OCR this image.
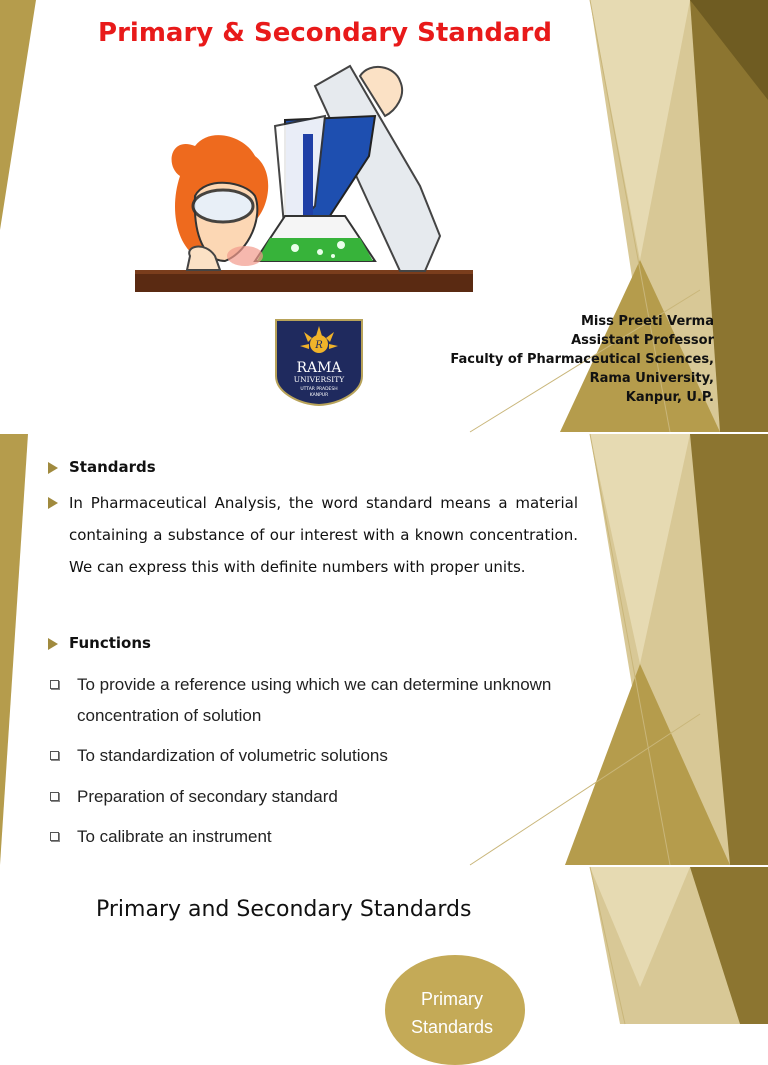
Primary & Secondary Standard
R
RAMA
UNIVERSITY
UTTAR PRADESH
KANPUR
Miss Preeti Verma
Assistant Professor
Faculty of Pharmaceutical Sciences,
Rama University,
Kanpur, U.P.
Standards
In Pharmaceutical Analysis, the word standard means a material containing a substance of our interest with a known concentration. We can express this with definite numbers with proper units.
Functions
To provide a reference using which we can determine unknown concentration of solution
To standardization of volumetric solutions
Preparation of secondary standard
To calibrate an instrument
Primary and Secondary Standards
Primary Standards
